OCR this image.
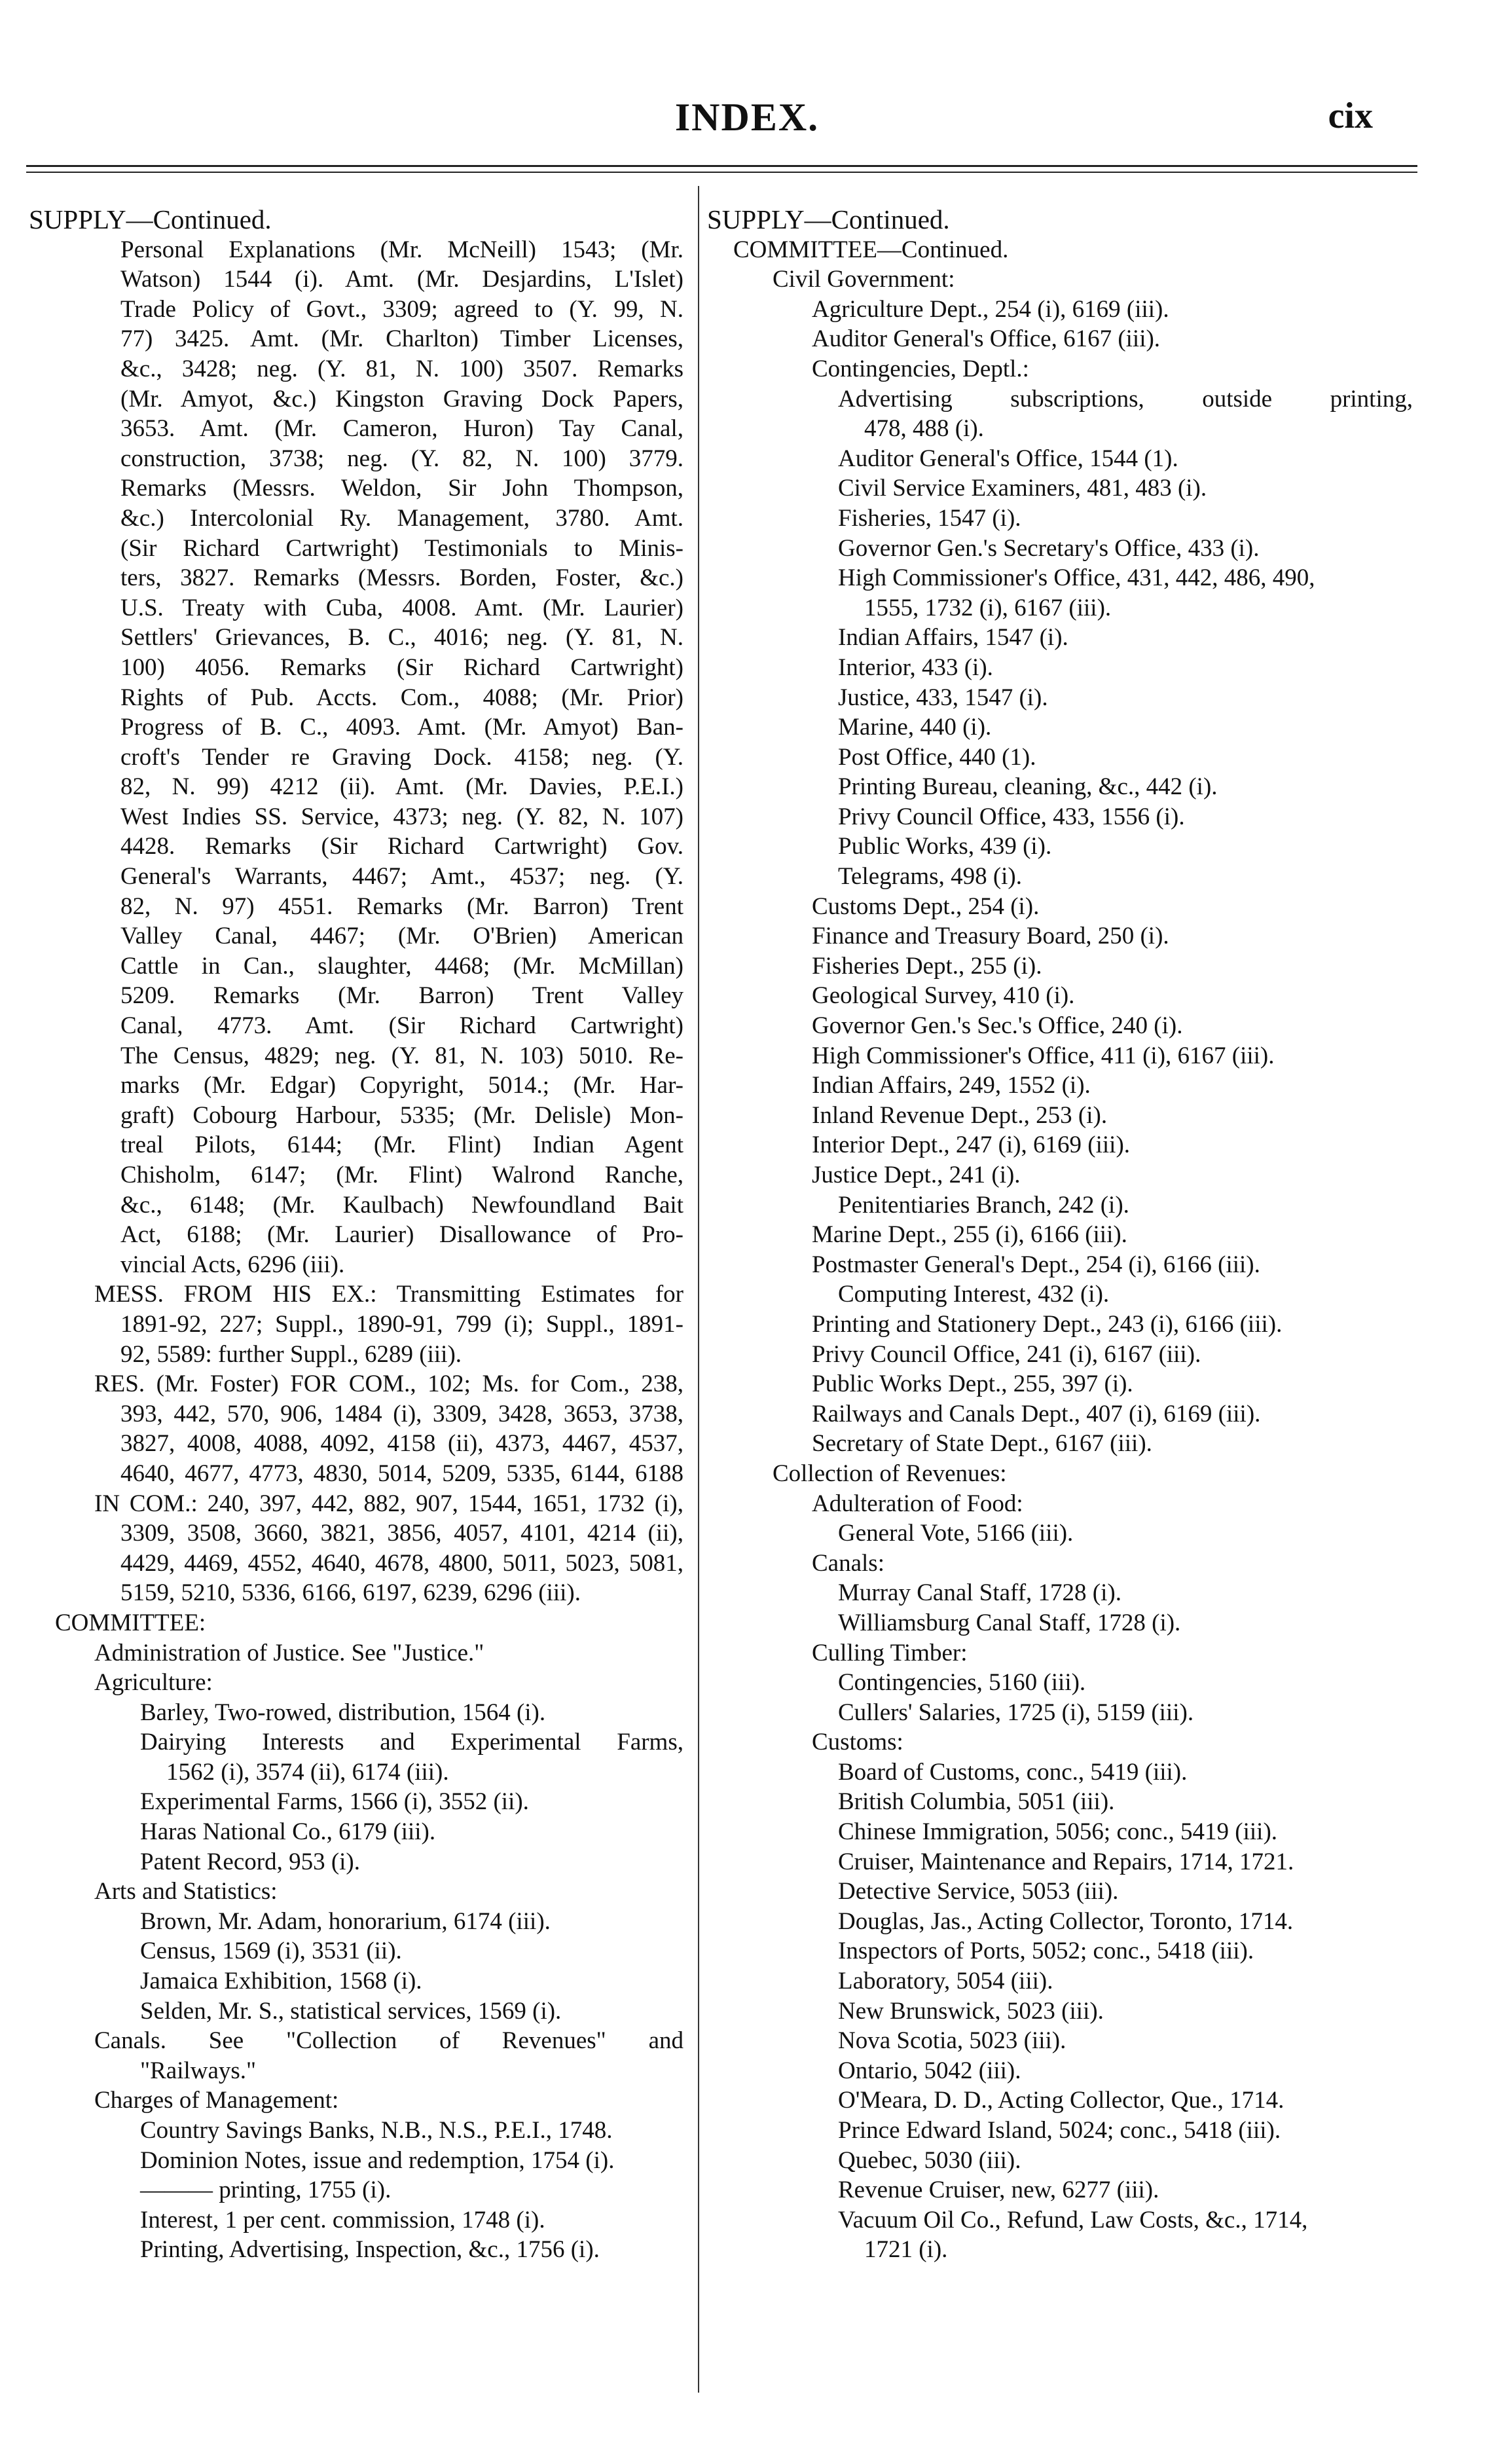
INDEX.	cix
SUPPLY—Continued.
Personal Explanations (Mr. McNeill) 1543; (Mr.
Watson) 1544 (i). Amt. (Mr. Desjardins, L'Islet)
Trade Policy of Govt., 3309; agreed to (Y. 99, N.
77) 3425. Amt. (Mr. Charlton) Timber Licenses,
&c., 3428; neg. (Y. 81, N. 100) 3507. Remarks
(Mr. Amyot, &c.) Kingston Graving Dock Papers,
3653. Amt. (Mr. Cameron, Huron) Tay Canal,
construction, 3738; neg. (Y. 82, N. 100) 3779.
Remarks (Messrs. Weldon, Sir John Thompson,
&c.) Intercolonial Ry. Management, 3780. Amt.
(Sir Richard Cartwright) Testimonials to Minis-
ters, 3827. Remarks (Messrs. Borden, Foster, &c.)
U.S. Treaty with Cuba, 4008. Amt. (Mr. Laurier)
Settlers' Grievances, B. C., 4016; neg. (Y. 81, N.
100) 4056. Remarks (Sir Richard Cartwright)
Rights of Pub. Accts. Com., 4088; (Mr. Prior)
Progress of B. C., 4093. Amt. (Mr. Amyot) Ban-
croft's Tender re Graving Dock. 4158; neg. (Y.
82, N. 99) 4212 (ii). Amt. (Mr. Davies, P.E.I.)
West Indies SS. Service, 4373; neg. (Y. 82, N. 107)
4428. Remarks (Sir Richard Cartwright) Gov.
General's Warrants, 4467; Amt., 4537; neg. (Y.
82, N. 97) 4551. Remarks (Mr. Barron) Trent
Valley Canal, 4467; (Mr. O'Brien) American
Cattle in Can., slaughter, 4468; (Mr. McMillan)
5209. Remarks (Mr. Barron) Trent Valley
Canal, 4773. Amt. (Sir Richard Cartwright)
The Census, 4829; neg. (Y. 81, N. 103) 5010. Re-
marks (Mr. Edgar) Copyright, 5014.; (Mr. Har-
graft) Cobourg Harbour, 5335; (Mr. Delisle) Mon-
treal Pilots, 6144; (Mr. Flint) Indian Agent
Chisholm, 6147; (Mr. Flint) Walrond Ranche,
&c., 6148; (Mr. Kaulbach) Newfoundland Bait
Act, 6188; (Mr. Laurier) Disallowance of Pro-
vincial Acts, 6296 (iii).
MESS. FROM HIS EX.: Transmitting Estimates for
1891-92, 227; Suppl., 1890-91, 799 (i); Suppl., 1891-
92, 5589: further Suppl., 6289 (iii).
RES. (Mr. Foster) FOR COM., 102; Ms. for Com., 238,
393, 442, 570, 906, 1484 (i), 3309, 3428, 3653, 3738,
3827, 4008, 4088, 4092, 4158 (ii), 4373, 4467, 4537,
4640, 4677, 4773, 4830, 5014, 5209, 5335, 6144, 6188
IN COM.: 240, 397, 442, 882, 907, 1544, 1651, 1732 (i),
3309, 3508, 3660, 3821, 3856, 4057, 4101, 4214 (ii),
4429, 4469, 4552, 4640, 4678, 4800, 5011, 5023, 5081,
5159, 5210, 5336, 6166, 6197, 6239, 6296 (iii).
COMMITTEE:
Administration of Justice. See "Justice."
Agriculture:
Barley, Two-rowed, distribution, 1564 (i).
Dairying Interests and Experimental Farms,
1562 (i), 3574 (ii), 6174 (iii).
Experimental Farms, 1566 (i), 3552 (ii).
Haras National Co., 6179 (iii).
Patent Record, 953 (i).
Arts and Statistics:
Brown, Mr. Adam, honorarium, 6174 (iii).
Census, 1569 (i), 3531 (ii).
Jamaica Exhibition, 1568 (i).
Selden, Mr. S., statistical services, 1569 (i).
Canals. See "Collection of Revenues" and
"Railways."
Charges of Management:
Country Savings Banks, N.B., N.S., P.E.I., 1748.
Dominion Notes, issue and redemption, 1754 (i).
——— printing, 1755 (i).
Interest, 1 per cent. commission, 1748 (i).
Printing, Advertising, Inspection, &c., 1756 (i).
SUPPLY—Continued.
COMMITTEE—Continued.
Civil Government:
Agriculture Dept., 254 (i), 6169 (iii).
Auditor General's Office, 6167 (iii).
Contingencies, Deptl.:
Advertising subscriptions, outside printing,
478, 488 (i).
Auditor General's Office, 1544 (1).
Civil Service Examiners, 481, 483 (i).
Fisheries, 1547 (i).
Governor Gen.'s Secretary's Office, 433 (i).
High Commissioner's Office, 431, 442, 486, 490,
1555, 1732 (i), 6167 (iii).
Indian Affairs, 1547 (i).
Interior, 433 (i).
Justice, 433, 1547 (i).
Marine, 440 (i).
Post Office, 440 (1).
Printing Bureau, cleaning, &c., 442 (i).
Privy Council Office, 433, 1556 (i).
Public Works, 439 (i).
Telegrams, 498 (i).
Customs Dept., 254 (i).
Finance and Treasury Board, 250 (i).
Fisheries Dept., 255 (i).
Geological Survey, 410 (i).
Governor Gen.'s Sec.'s Office, 240 (i).
High Commissioner's Office, 411 (i), 6167 (iii).
Indian Affairs, 249, 1552 (i).
Inland Revenue Dept., 253 (i).
Interior Dept., 247 (i), 6169 (iii).
Justice Dept., 241 (i).
Penitentiaries Branch, 242 (i).
Marine Dept., 255 (i), 6166 (iii).
Postmaster General's Dept., 254 (i), 6166 (iii).
Computing Interest, 432 (i).
Printing and Stationery Dept., 243 (i), 6166 (iii).
Privy Council Office, 241 (i), 6167 (iii).
Public Works Dept., 255, 397 (i).
Railways and Canals Dept., 407 (i), 6169 (iii).
Secretary of State Dept., 6167 (iii).
Collection of Revenues:
Adulteration of Food:
General Vote, 5166 (iii).
Canals:
Murray Canal Staff, 1728 (i).
Williamsburg Canal Staff, 1728 (i).
Culling Timber:
Contingencies, 5160 (iii).
Cullers' Salaries, 1725 (i), 5159 (iii).
Customs:
Board of Customs, conc., 5419 (iii).
British Columbia, 5051 (iii).
Chinese Immigration, 5056; conc., 5419 (iii).
Cruiser, Maintenance and Repairs, 1714, 1721.
Detective Service, 5053 (iii).
Douglas, Jas., Acting Collector, Toronto, 1714.
Inspectors of Ports, 5052; conc., 5418 (iii).
Laboratory, 5054 (iii).
New Brunswick, 5023 (iii).
Nova Scotia, 5023 (iii).
Ontario, 5042 (iii).
O'Meara, D. D., Acting Collector, Que., 1714.
Prince Edward Island, 5024; conc., 5418 (iii).
Quebec, 5030 (iii).
Revenue Cruiser, new, 6277 (iii).
Vacuum Oil Co., Refund, Law Costs, &c., 1714,
1721 (i).
